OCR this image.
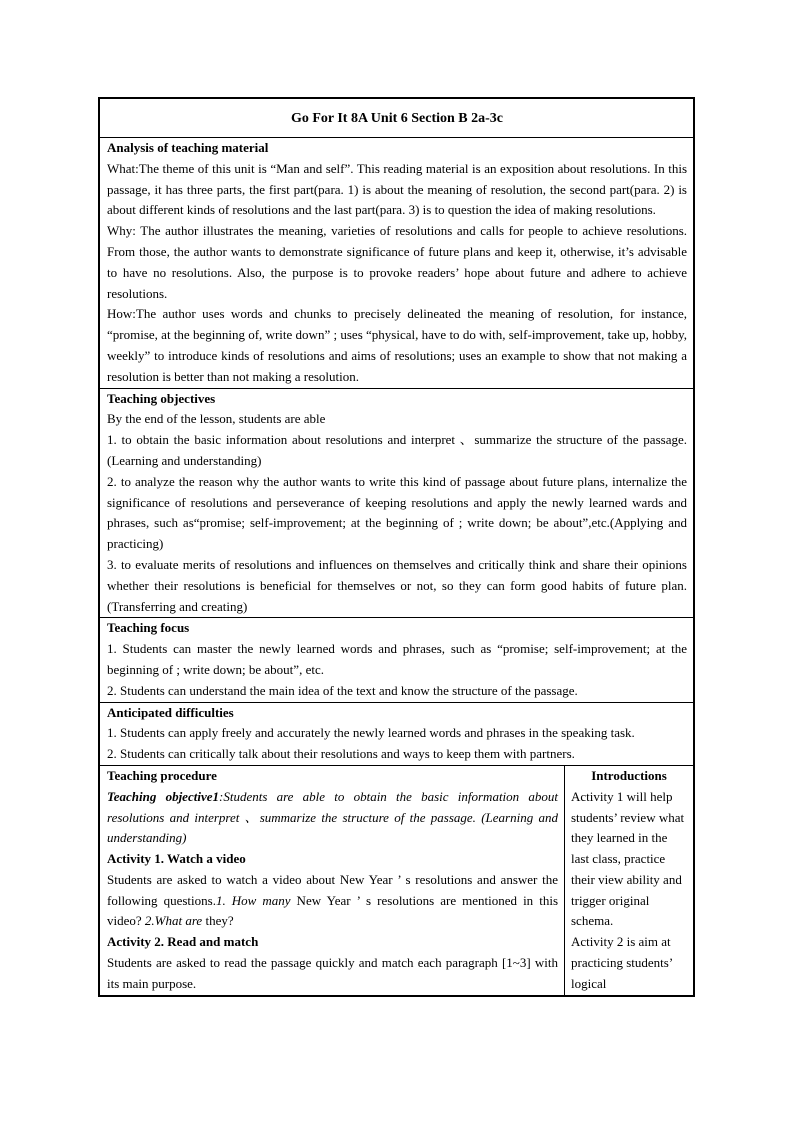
Go For It 8A Unit 6 Section B 2a-3c

Analysis of teaching material

What:The theme of this unit is “Man and self”. This reading material is an exposition about resolutions. In this passage, it has three parts, the first part(para. 1) is about the meaning of resolution, the second part(para. 2) is about different kinds of resolutions and the last part(para. 3) is to question the idea of making resolutions.

Why: The author illustrates the meaning, varieties of resolutions and calls for people to achieve resolutions. From those, the author wants to demonstrate significance of future plans and keep it, otherwise, it’s advisable to have no resolutions. Also, the purpose is to provoke readers’ hope about future and adhere to achieve resolutions.

How:The author uses words and chunks to precisely delineated the meaning of resolution, for instance, “promise, at the beginning of, write down” ; uses “physical, have to do with, self-improvement, take up, hobby, weekly” to introduce kinds of resolutions and aims of resolutions; uses an example to show that not making a resolution is better than not making a resolution.

Teaching objectives

By the end of the lesson, students are able

1. to obtain the basic information about resolutions and interpret 、summarize the structure of the passage. (Learning and understanding)

2. to analyze the reason why the author wants to write this kind of passage about future plans, internalize the significance of resolutions and perseverance of keeping resolutions and apply the newly learned wards and phrases, such as“promise; self-improvement; at the beginning of ; write down; be about”,etc.(Applying and practicing)

3. to evaluate merits of resolutions and influences on themselves and critically think and share their opinions whether their resolutions is beneficial for themselves or not, so they can form good habits of future plan.(Transferring and creating)

Teaching focus

1. Students can master the newly learned words and phrases, such as “promise; self-improvement; at the beginning of ; write down; be about”, etc.

2. Students can understand the main idea of the text and know the structure of the passage.

Anticipated difficulties

1. Students can apply freely and accurately the newly learned words and phrases in the speaking task.

2. Students can critically talk about their resolutions and ways to keep them with partners.

Teaching procedure

Teaching objective1:Students are able to obtain the basic information about resolutions and interpret 、summarize the structure of the passage. (Learning and understanding)

Activity 1. Watch a video

Students are asked to watch a video about New Year ’ s resolutions and answer the following questions.1. How many New Year ’ s resolutions are mentioned in this video? 2.What are they?

Activity 2. Read and match

Students are asked to read the passage quickly and match each paragraph [1~3] with its main purpose.

Introductions

Activity 1 will help students’ review what they learned in the last class, practice their view ability and trigger original schema.

Activity 2 is aim at practicing students’ logical
